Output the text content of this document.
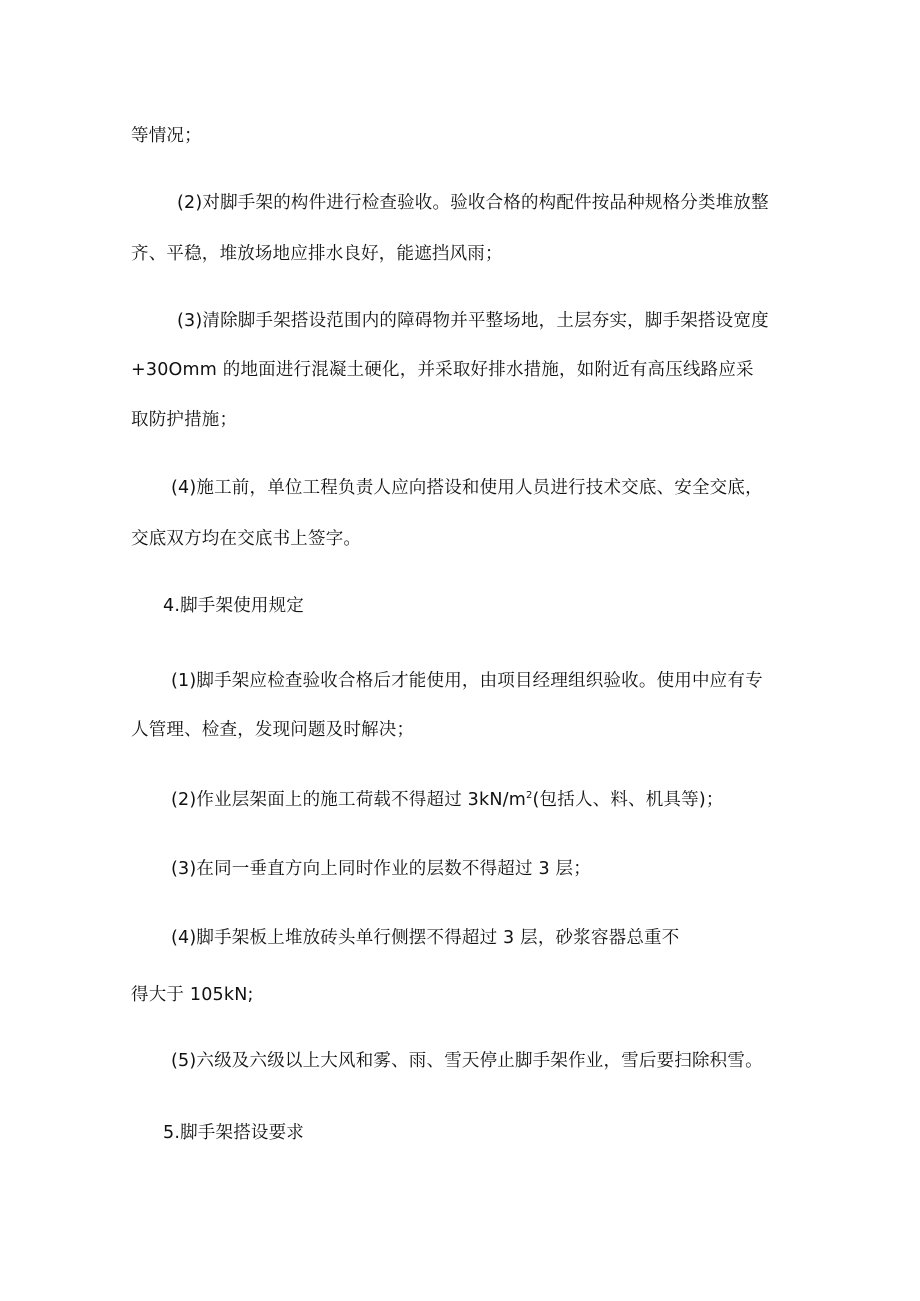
等情况；
(2)对脚手架的构件进行检查验收。验收合格的构配件按品种规格分类堆放整
齐、平稳，堆放场地应排水良好，能遮挡风雨；
(3)清除脚手架搭设范围内的障碍物并平整场地，土层夯实，脚手架搭设宽度
+30Omm 的地面进行混凝土硬化，并采取好排水措施，如附近有高压线路应采
取防护措施；
(4)施工前，单位工程负责人应向搭设和使用人员进行技术交底、安全交底，
交底双方均在交底书上签字。
4.脚手架使用规定
(1)脚手架应检查验收合格后才能使用，由项目经理组织验收。使用中应有专
人管理、检查，发现问题及时解决；
(2)作业层架面上的施工荷载不得超过 $3kN/m^2$(包括人、料、机具等)；
(3)在同一垂直方向上同时作业的层数不得超过 3 层；
(4)脚手架板上堆放砖头单行侧摆不得超过 3 层，砂浆容器总重不
得大于 105kN;
(5)六级及六级以上大风和雾、雨、雪天停止脚手架作业，雪后要扫除积雪。
5.脚手架搭设要求
